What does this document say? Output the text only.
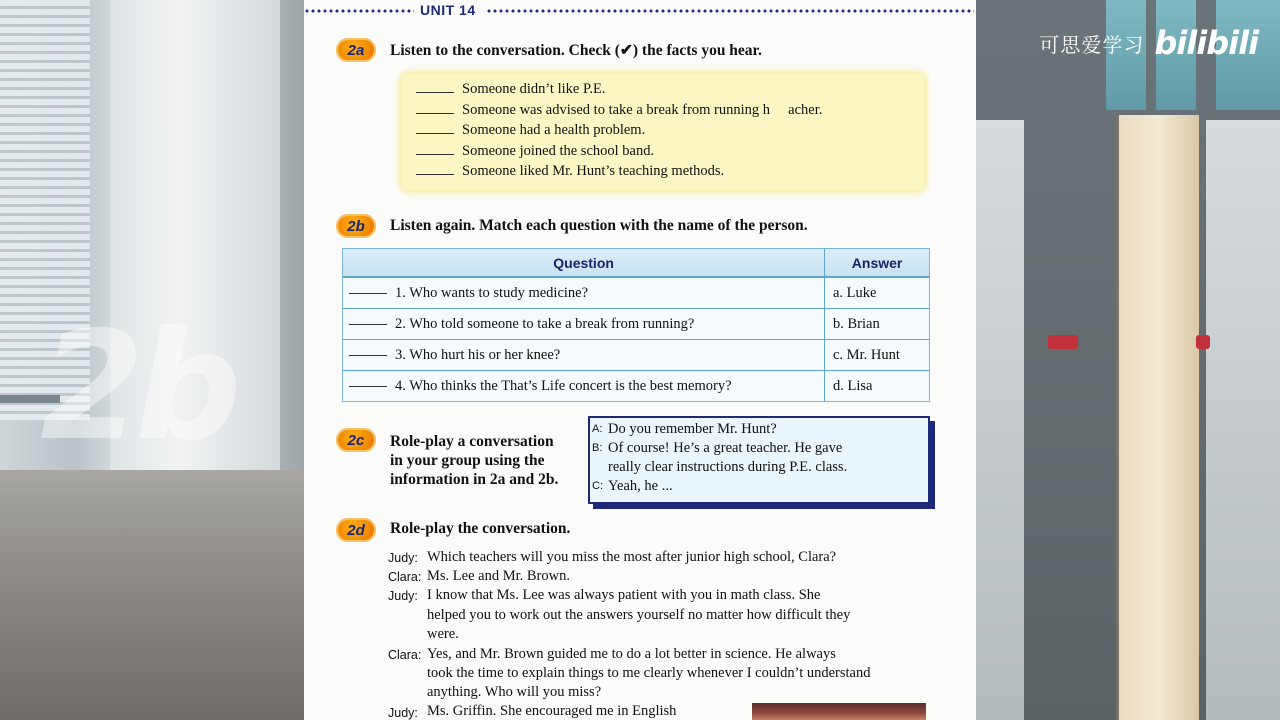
2b
可思爱学习 bilibili
UNIT 14
2a	Listen to the conversation. Check (✔) the facts you hear.
Someone didn’t like P.E.
Someone was advised to take a break from running h     acher.
Someone had a health problem.
Someone joined the school band.
Someone liked Mr. Hunt’s teaching methods.
2b	Listen again. Match each question with the name of the person.
Question	Answer
1. Who wants to study medicine?	a. Luke
2. Who told someone to take a break from running?	b. Brian
3. Who hurt his or her knee?	c. Mr. Hunt
4. Who thinks the That’s Life concert is the best memory?	d. Lisa
2c	Role-play a conversation
in your group using the
information in 2a and 2b.
A: Do you remember Mr. Hunt?
B: Of course! He’s a great teacher. He gave
really clear instructions during P.E. class.
C: Yeah, he ...
2d	Role-play the conversation.
Judy: Which teachers will you miss the most after junior high school, Clara?
Clara: Ms. Lee and Mr. Brown.
Judy: I know that Ms. Lee was always patient with you in math class. She
helped you to work out the answers yourself no matter how difficult they
were.
Clara: Yes, and Mr. Brown guided me to do a lot better in science. He always
took the time to explain things to me clearly whenever I couldn’t understand
anything. Who will you miss?
Judy: Ms. Griffin. She encouraged me in English
